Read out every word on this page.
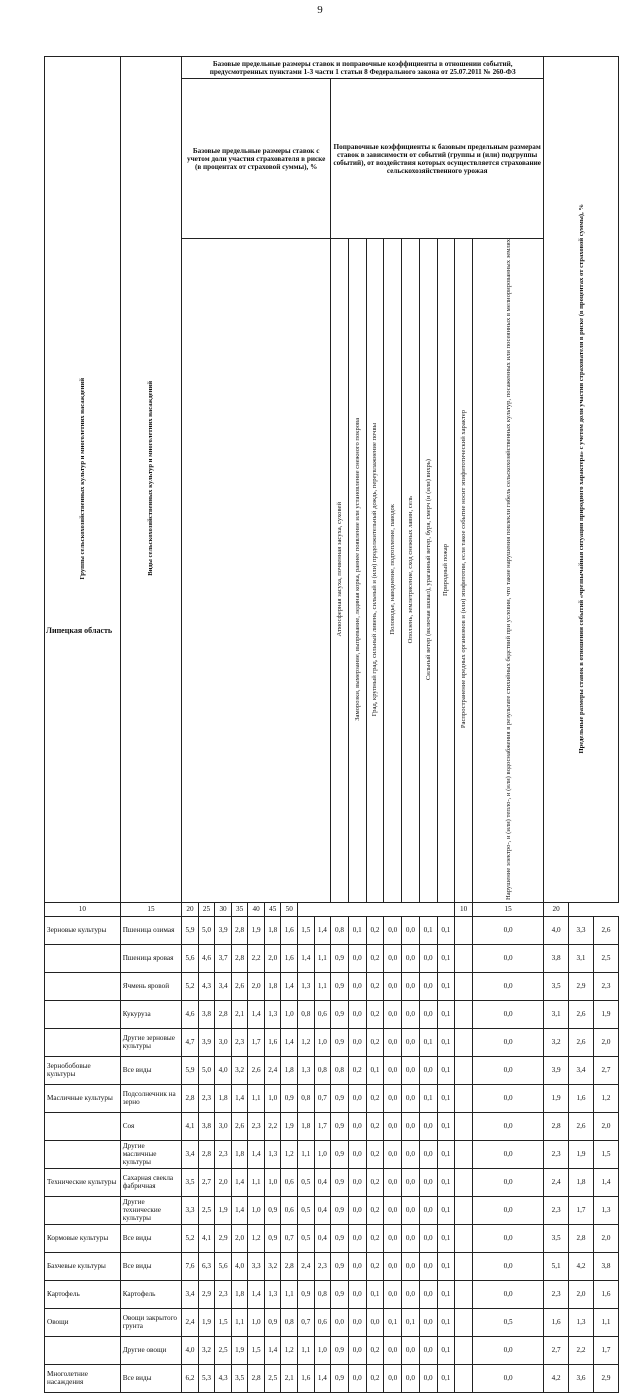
9
Липецкая область
Группы сельскохозяйственных культур и многолетних насаждений	Виды сельскохозяйственных культур и многолетних насаждений	Базовые предельные размеры ставок и поправочные коэффициенты в отношении событий, предусмотренных пунктами 1-3 части 1 статьи 8 Федерального закона от 25.07.2011 № 260-ФЗ																		Предельные размеры ставок в отношении событий «чрезвычайная ситуация природного характера» с учетом доли участия страхователя в риске (в процентах от страховой суммы), %		
		Базовые предельные размеры ставок с учетом доли участия страхователя в риске (в процентах от страховой суммы), %									Поправочные коэффициенты к базовым предельным размерам ставок в зависимости от событий (группы и (или) подгруппы событий), от воздействия которых осуществляется страхование сельскохозяйственного урожая											
											Атмосферная засуха, почвенная засуха, суховей	Заморозки, вымерзание, выпревание, ледяная корка, раннее появление или установление снежного покрова	Град, крупный град, сильный ливень, сильный и (или) продолжительный дождь, переувлажнение почвы	Половодье, наводнение, подтопление, паводок	Оползень, землетрясение, сход снежных лавин, сель	Сильный ветер (включая шквал), ураганный ветер, буря, смерч (и (или) вихрь)	Природный пожар	Распространение вредных организмов и (или) эпифитотии, если такое событие носит эпифитотический характер	Нарушение электро-, и (или) тепло-, и (или) водоснабжения в результате стихийных бедствий при условии, что такие нарушения повлекли гибель сельскохозяйственных культур, посаженных или посеянных в мелиорированных землях			
10	15	20	25	30	35	40	45	50										10	15	20		
Зерновые культуры	Пшеница озимая	5,9	5,0	3,9	2,8	1,9	1,8	1,6	1,5	1,4	0,8	0,1	0,2	0,0	0,0	0,1	0,1		0,0	4,0	3,3	2,6
	Пшеница яровая	5,6	4,6	3,7	2,8	2,2	2,0	1,6	1,4	1,1	0,9	0,0	0,2	0,0	0,0	0,0	0,1		0,0	3,8	3,1	2,5
	Ячмень яровой	5,2	4,3	3,4	2,6	2,0	1,8	1,4	1,3	1,1	0,9	0,0	0,2	0,0	0,0	0,0	0,1		0,0	3,5	2,9	2,3
	Кукуруза	4,6	3,8	2,8	2,1	1,4	1,3	1,0	0,8	0,6	0,9	0,0	0,2	0,0	0,0	0,0	0,1		0,0	3,1	2,6	1,9
	Другие зерновые культуры	4,7	3,9	3,0	2,3	1,7	1,6	1,4	1,2	1,0	0,9	0,0	0,2	0,0	0,0	0,1	0,1		0,0	3,2	2,6	2,0
Зернобобовые культуры	Все виды	5,9	5,0	4,0	3,2	2,6	2,4	1,8	1,3	0,8	0,8	0,2	0,1	0,0	0,0	0,0	0,1		0,0	3,9	3,4	2,7
Масличные культуры	Подсолнечник на зерно	2,8	2,3	1,8	1,4	1,1	1,0	0,9	0,8	0,7	0,9	0,0	0,2	0,0	0,0	0,1	0,1		0,0	1,9	1,6	1,2
	Соя	4,1	3,8	3,0	2,6	2,3	2,2	1,9	1,8	1,7	0,9	0,0	0,2	0,0	0,0	0,0	0,1		0,0	2,8	2,6	2,0
	Другие масличные культуры	3,4	2,8	2,3	1,8	1,4	1,3	1,2	1,1	1,0	0,9	0,0	0,2	0,0	0,0	0,0	0,1		0,0	2,3	1,9	1,5
Технические культуры	Сахарная свекла фабричная	3,5	2,7	2,0	1,4	1,1	1,0	0,6	0,5	0,4	0,9	0,0	0,2	0,0	0,0	0,0	0,1		0,0	2,4	1,8	1,4
	Другие технические культуры	3,3	2,5	1,9	1,4	1,0	0,9	0,6	0,5	0,4	0,9	0,0	0,2	0,0	0,0	0,0	0,1		0,0	2,3	1,7	1,3
Кормовые культуры	Все виды	5,2	4,1	2,9	2,0	1,2	0,9	0,7	0,5	0,4	0,9	0,0	0,2	0,0	0,0	0,0	0,1		0,0	3,5	2,8	2,0
Бахчевые культуры	Все виды	7,6	6,3	5,6	4,0	3,3	3,2	2,8	2,4	2,3	0,9	0,0	0,2	0,0	0,0	0,0	0,1		0,0	5,1	4,2	3,8
Картофель	Картофель	3,4	2,9	2,3	1,8	1,4	1,3	1,1	0,9	0,8	0,9	0,0	0,1	0,0	0,0	0,0	0,1		0,0	2,3	2,0	1,6
Овощи	Овощи закрытого грунта	2,4	1,9	1,5	1,1	1,0	0,9	0,8	0,7	0,6	0,0	0,0	0,0	0,1	0,1	0,0	0,1		0,5	1,6	1,3	1,1
	Другие овощи	4,0	3,2	2,5	1,9	1,5	1,4	1,2	1,1	1,0	0,9	0,0	0,2	0,0	0,0	0,0	0,1		0,0	2,7	2,2	1,7
Многолетние насаждения	Все виды	6,2	5,3	4,3	3,5	2,8	2,5	2,1	1,6	1,4	0,9	0,0	0,2	0,0	0,0	0,0	0,1		0,0	4,2	3,6	2,9
